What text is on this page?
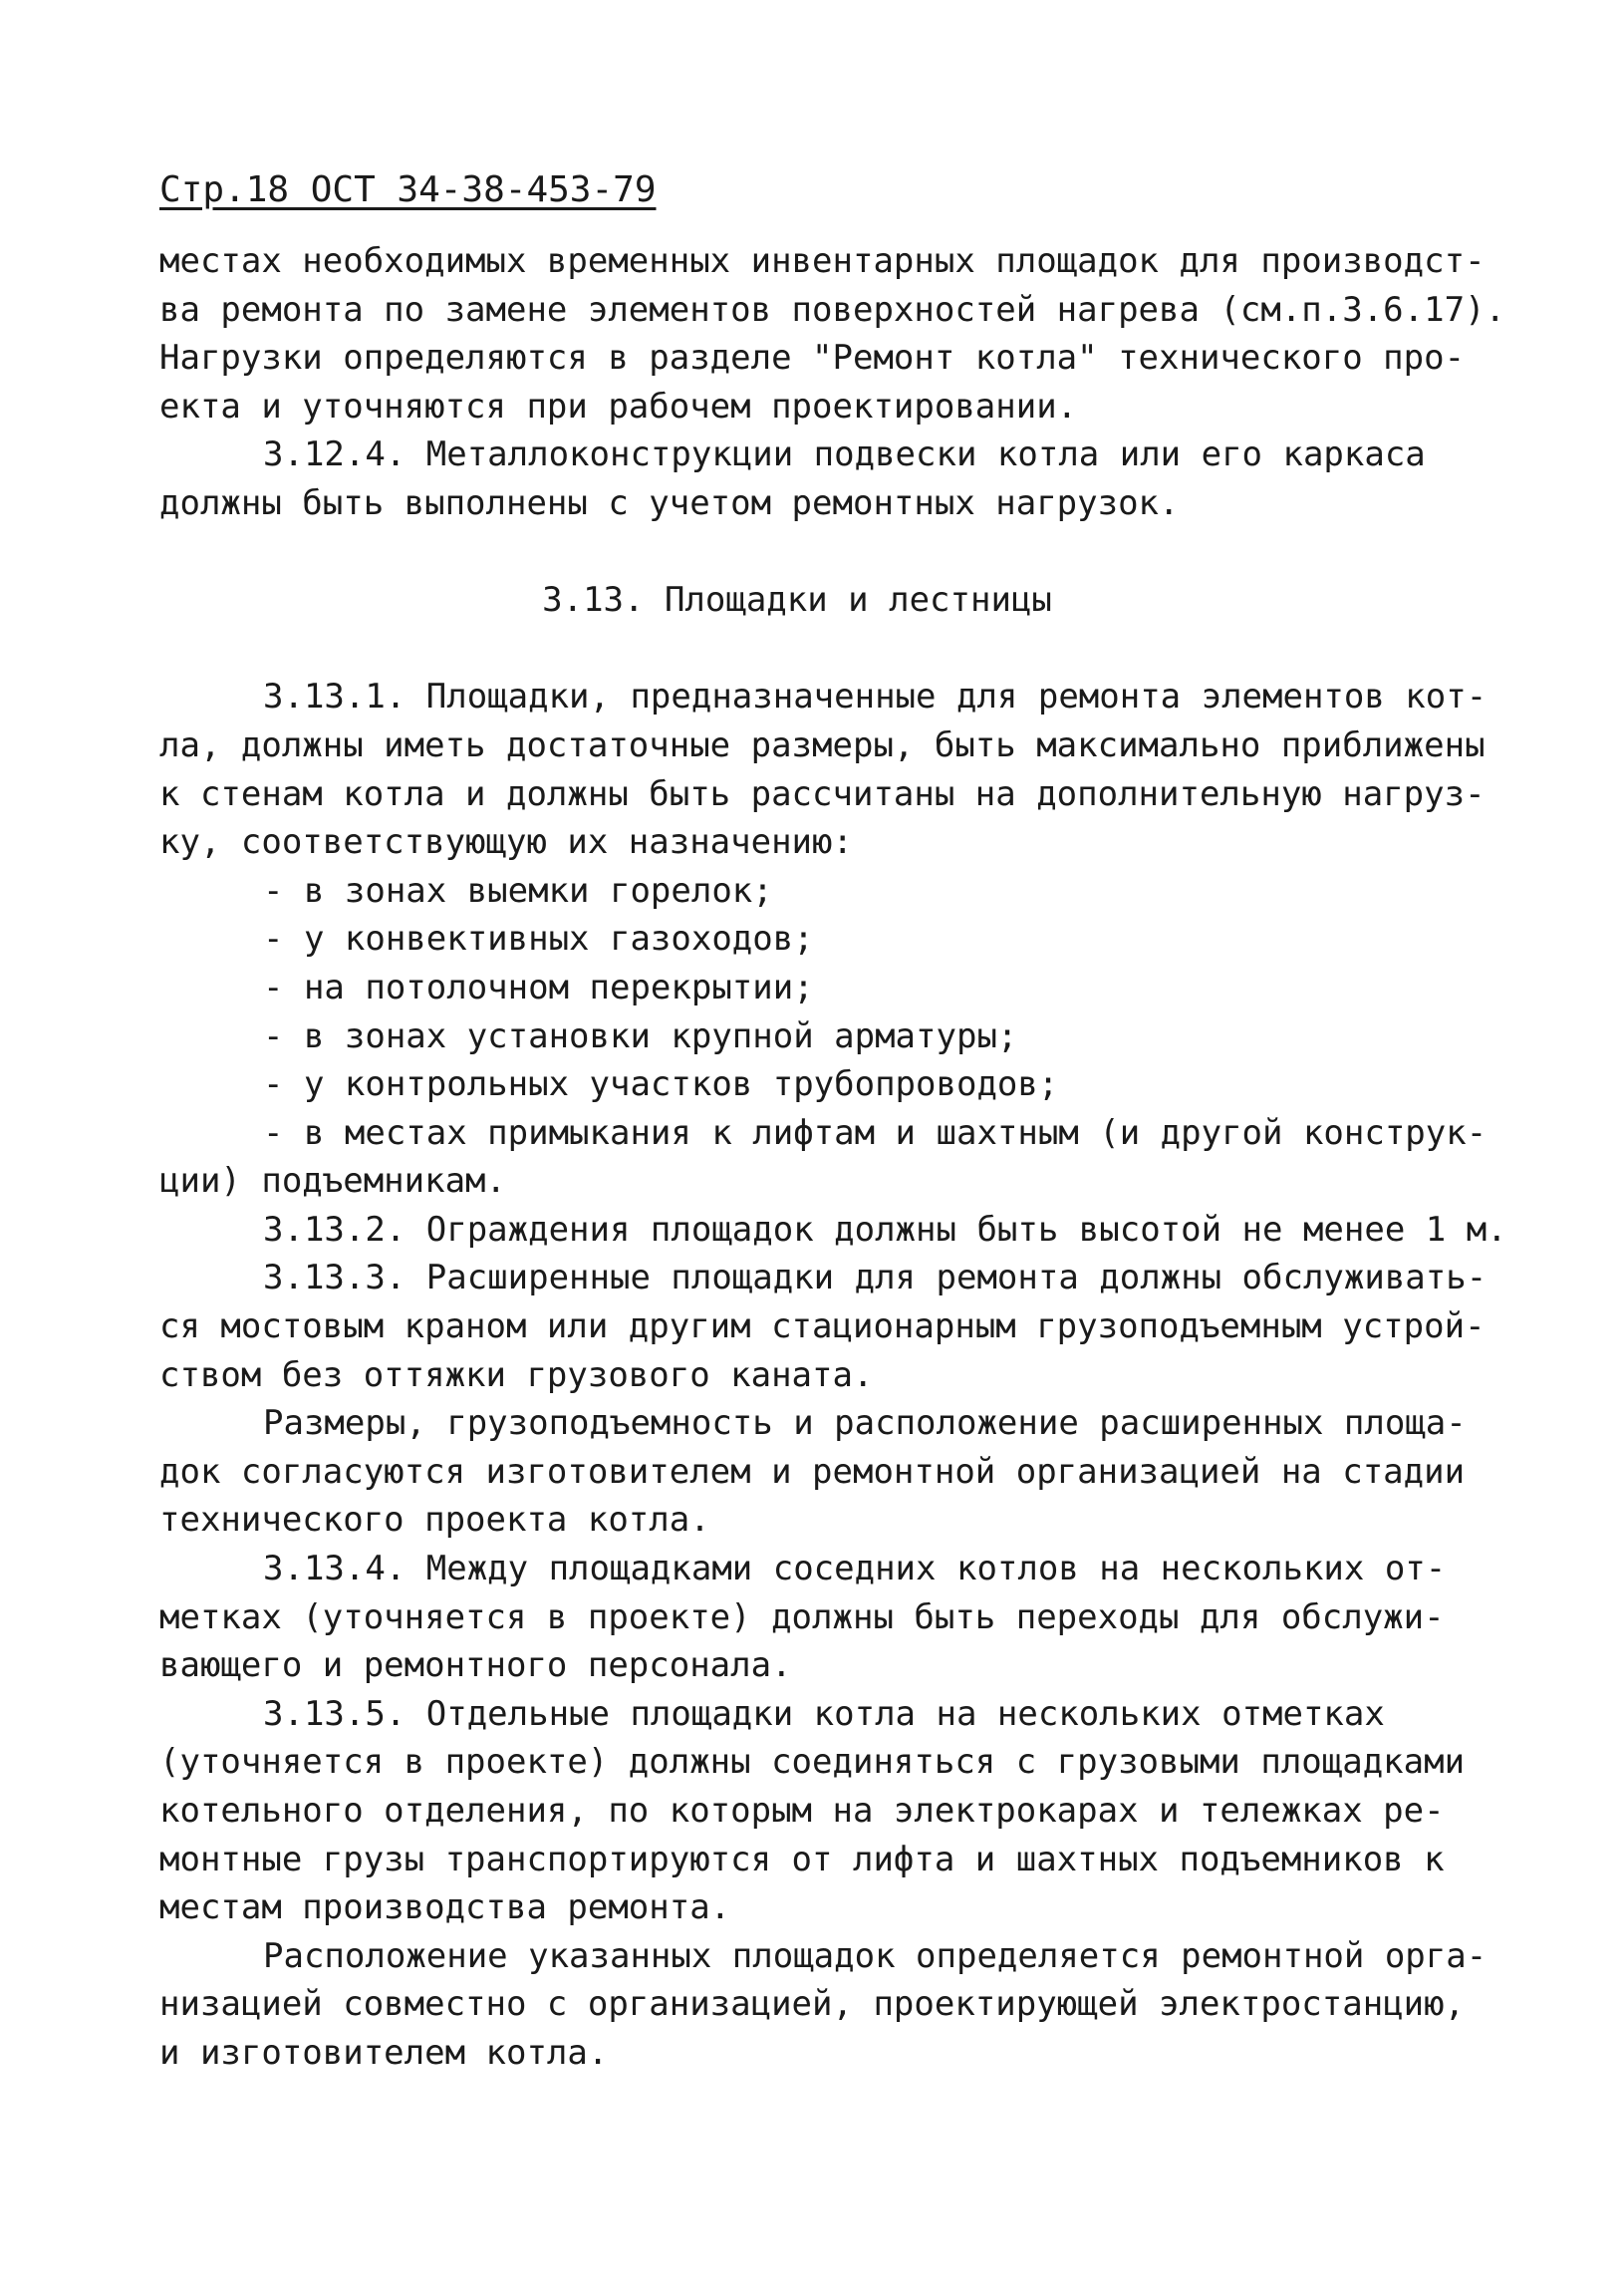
Стр.18 ОСТ 34-38-453-79
местах необходимых временных инвентарных площадок для производст-
ва ремонта по замене элементов поверхностей нагрева (см.п.3.6.17).
Нагрузки определяются в разделе "Ремонт котла" технического про-
екта и уточняются при рабочем проектировании.
3.12.4. Металлоконструкции подвески котла или его каркаса
должны быть выполнены с учетом ремонтных нагрузок.
3.13. Площадки и лестницы
3.13.1. Площадки, предназначенные для ремонта элементов кот-
ла, должны иметь достаточные размеры, быть максимально приближены
к стенам котла и должны быть рассчитаны на дополнительную нагруз-
ку, соответствующую их назначению:
- в зонах выемки горелок;
- у конвективных газоходов;
- на потолочном перекрытии;
- в зонах установки крупной арматуры;
- у контрольных участков трубопроводов;
- в местах примыкания к лифтам и шахтным (и другой конструк-
ции) подъемникам.
3.13.2. Ограждения площадок должны быть высотой не менее 1 м.
3.13.3. Расширенные площадки для ремонта должны обслуживать-
ся мостовым краном или другим стационарным грузоподъемным устрой-
ством без оттяжки грузового каната.
Размеры, грузоподъемность и расположение расширенных площа-
док согласуются изготовителем и ремонтной организацией на стадии
технического проекта котла.
3.13.4. Между площадками соседних котлов на нескольких от-
метках (уточняется в проекте) должны быть переходы для обслужи-
вающего и ремонтного персонала.
3.13.5. Отдельные площадки котла на нескольких отметках
(уточняется в проекте) должны соединяться с грузовыми площадками
котельного отделения, по которым на электрокарах и тележках ре-
монтные грузы транспортируются от лифта и шахтных подъемников к
местам производства ремонта.
Расположение указанных площадок определяется ремонтной орга-
низацией совместно с организацией, проектирующей электростанцию,
и изготовителем котла.
